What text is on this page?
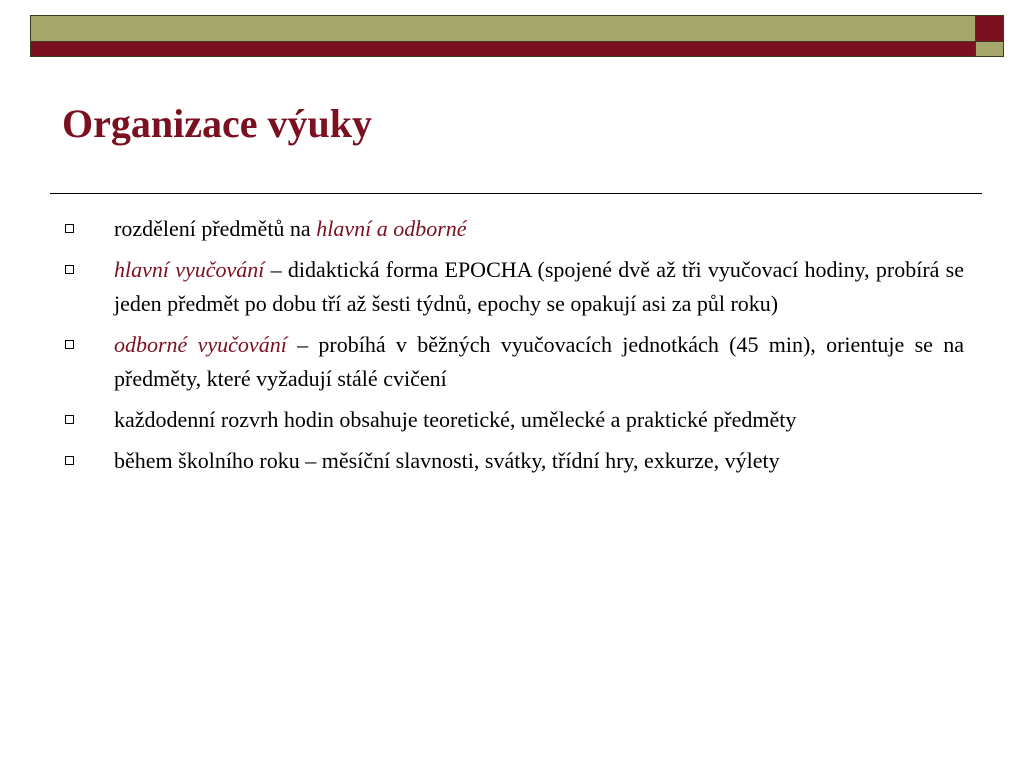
Organizace výuky
rozdělení předmětů na hlavní a odborné
hlavní vyučování – didaktická forma EPOCHA (spojené dvě až tři vyučovací hodiny, probírá se jeden předmět po dobu tří až šesti týdnů, epochy se opakují asi za půl roku)
odborné vyučování – probíhá v běžných vyučovacích jednotkách (45 min), orientuje se na předměty, které vyžadují stálé cvičení
každodenní rozvrh hodin obsahuje teoretické, umělecké a praktické předměty
během školního roku – měsíční slavnosti, svátky, třídní hry, exkurze, výlety
